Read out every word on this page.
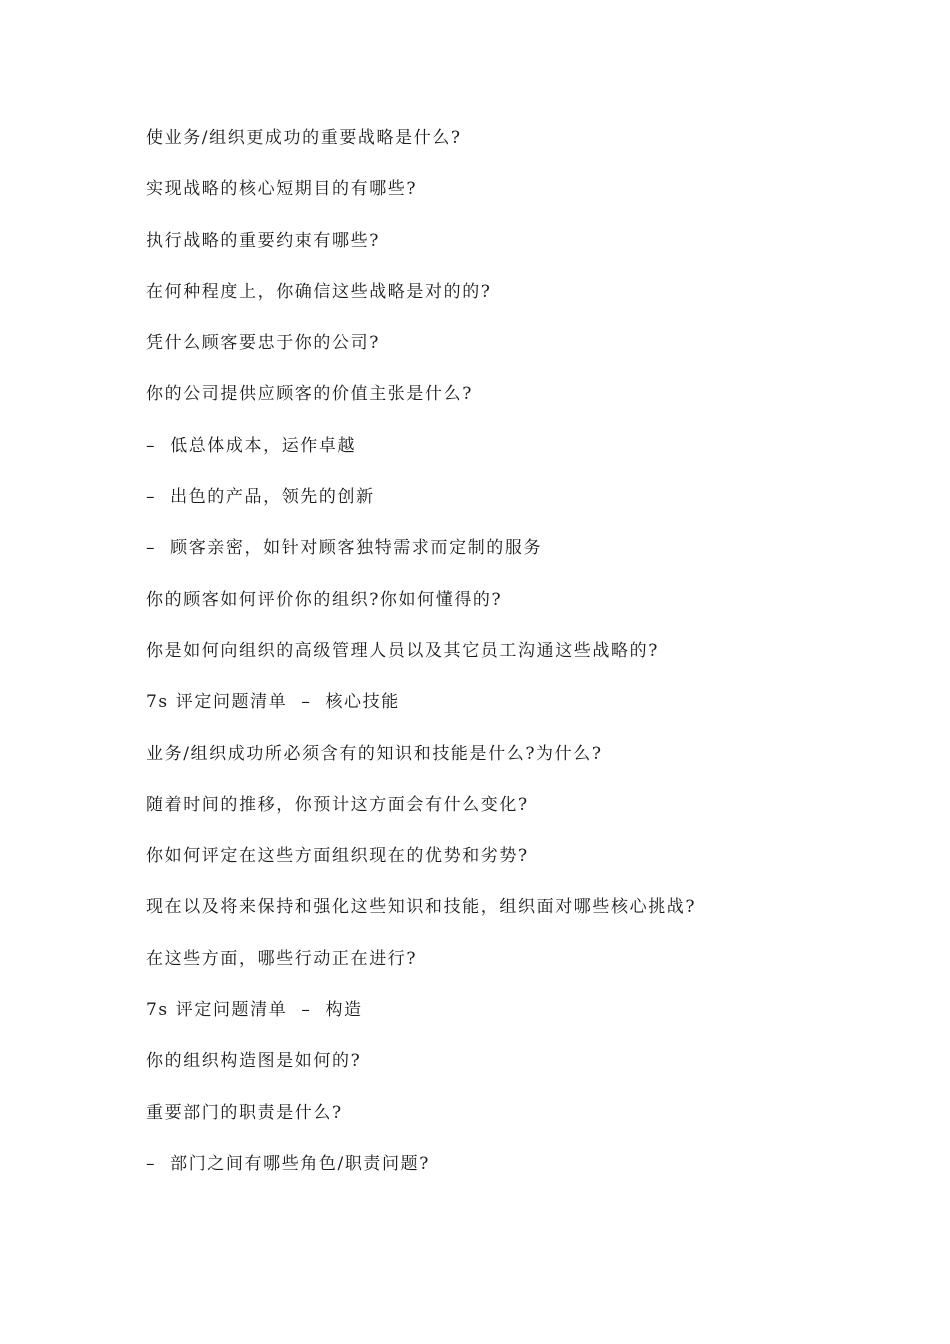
使业务/组织更成功的重要战略是什么?
实现战略的核心短期目的有哪些?
执行战略的重要约束有哪些?
在何种程度上，你确信这些战略是对的的?
凭什么顾客要忠于你的公司?
你的公司提供应顾客的价值主张是什么?
–  低总体成本，运作卓越
–  出色的产品，领先的创新
–  顾客亲密，如针对顾客独特需求而定制的服务
你的顾客如何评价你的组织?你如何懂得的?
你是如何向组织的高级管理人员以及其它员工沟通这些战略的?
7s 评定问题清单  –  核心技能
业务/组织成功所必须含有的知识和技能是什么?为什么?
随着时间的推移，你预计这方面会有什么变化?
你如何评定在这些方面组织现在的优势和劣势?
现在以及将来保持和强化这些知识和技能，组织面对哪些核心挑战?
在这些方面，哪些行动正在进行?
7s 评定问题清单  –  构造
你的组织构造图是如何的?
重要部门的职责是什么?
–  部门之间有哪些角色/职责问题?
